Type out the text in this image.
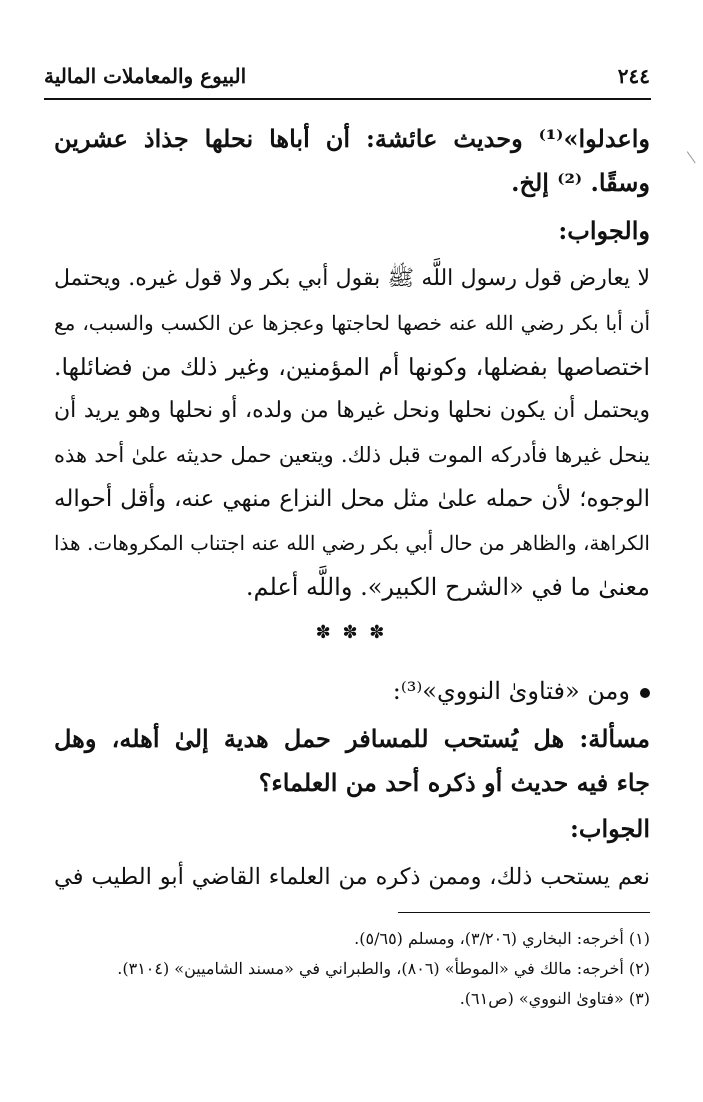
٢٤٤
البيوع والمعاملات المالية
واعدلوا»⁽¹⁾ وحديث عائشة: أن أباها نحلها جذاذ عشرين
وسقًا. ⁽²⁾ إلخ.
والجواب:
لا يعارض قول رسول اللَّه ﷺ بقول أبي بكر ولا قول غيره. ويحتمل
أن أبا بكر رضي الله عنه خصها لحاجتها وعجزها عن الكسب والسبب، مع
اختصاصها بفضلها، وكونها أم المؤمنين، وغير ذلك من فضائلها.
ويحتمل أن يكون نحلها ونحل غيرها من ولده، أو نحلها وهو يريد أن
ينحل غيرها فأدركه الموت قبل ذلك. ويتعين حمل حديثه علىٰ أحد هذه
الوجوه؛ لأن حمله علىٰ مثل محل النزاع منهي عنه، وأقل أحواله
الكراهة، والظاهر من حال أبي بكر رضي الله عنه اجتناب المكروهات. هذا
معنىٰ ما في «الشرح الكبير». واللَّه أعلم.
✽ ✽ ✽
ومن «فتاوىٰ النووي»⁽³⁾:
مسألة: هل يُستحب للمسافر حمل هدية إلىٰ أهله، وهل
جاء فيه حديث أو ذكره أحد من العلماء؟
الجواب:
نعم يستحب ذلك، وممن ذكره من العلماء القاضي أبو الطيب في
(١) أخرجه: البخاري (٣/٢٠٦)، ومسلم (٥/٦٥).
(٢) أخرجه: مالك في «الموطأ» (٨٠٦)، والطبراني في «مسند الشاميين» (٣١٠٤).
(٣) «فتاوىٰ النووي» (ص٦١).
